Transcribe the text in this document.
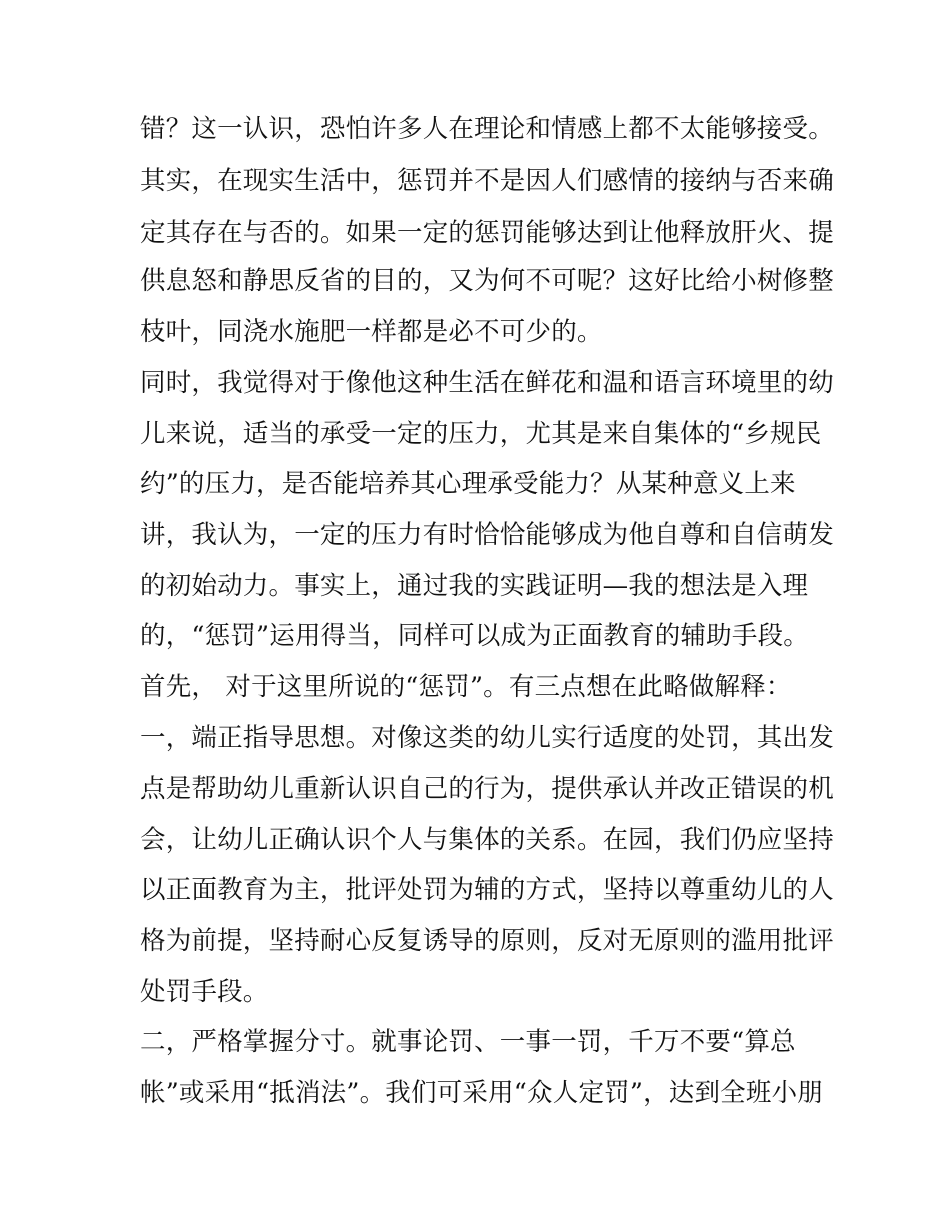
错？这一认识，恐怕许多人在理论和情感上都不太能够接受。
其实，在现实生活中，惩罚并不是因人们感情的接纳与否来确
定其存在与否的。如果一定的惩罚能够达到让他释放肝火、提
供息怒和静思反省的目的，又为何不可呢？这好比给小树修整
枝叶，同浇水施肥一样都是必不可少的。
同时，我觉得对于像他这种生活在鲜花和温和语言环境里的幼
儿来说，适当的承受一定的压力，尤其是来自集体的“乡规民
约”的压力，是否能培养其心理承受能力？从某种意义上来
讲，我认为，一定的压力有时恰恰能够成为他自尊和自信萌发
的初始动力。事实上，通过我的实践证明—我的想法是入理
的，“惩罚”运用得当，同样可以成为正面教育的辅助手段。
首先， 对于这里所说的“惩罚”。有三点想在此略做解释：
一，端正指导思想。对像这类的幼儿实行适度的处罚，其出发
点是帮助幼儿重新认识自己的行为，提供承认并改正错误的机
会，让幼儿正确认识个人与集体的关系。在园，我们仍应坚持
以正面教育为主，批评处罚为辅的方式，坚持以尊重幼儿的人
格为前提，坚持耐心反复诱导的原则，反对无原则的滥用批评
处罚手段。
二，严格掌握分寸。就事论罚、一事一罚，千万不要“算总
帐”或采用“抵消法”。我们可采用“众人定罚”，达到全班小朋
